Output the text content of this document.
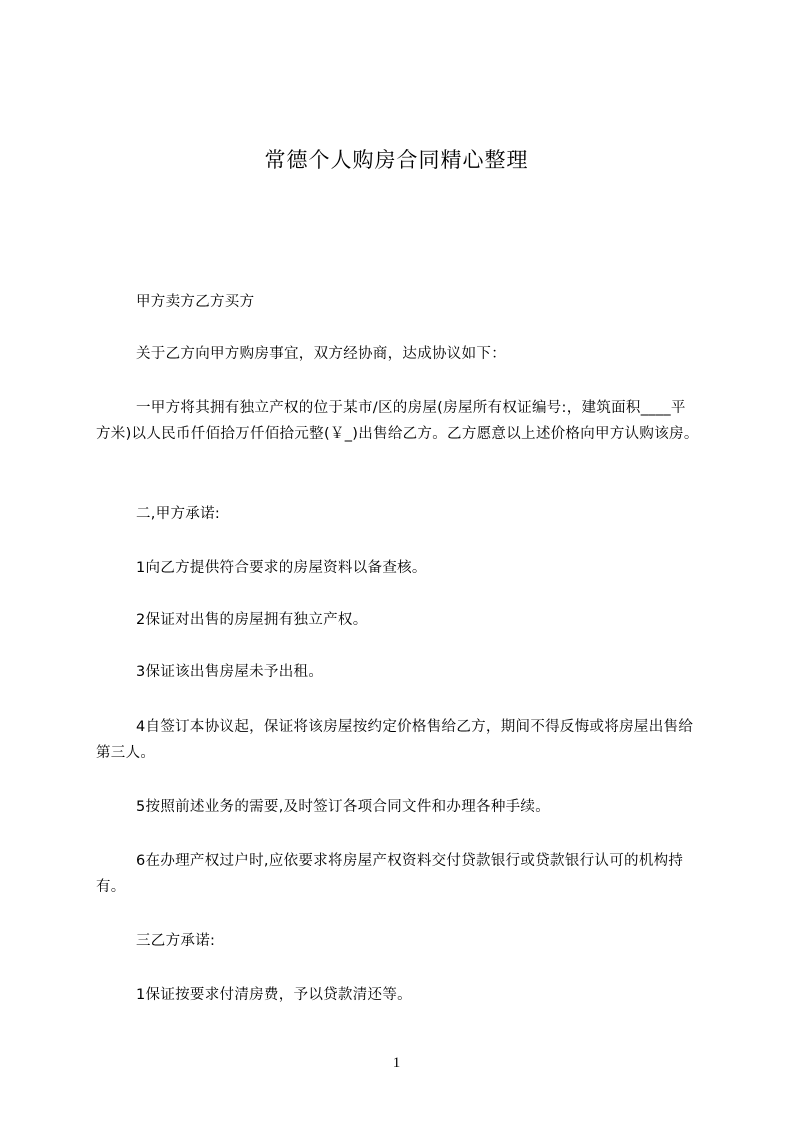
常德个人购房合同精心整理
甲方卖方乙方买方
关于乙方向甲方购房事宜，双方经协商，达成协议如下：
一甲方将其拥有独立产权的位于某市/区的房屋(房屋所有权证编号:，建筑面积____平方米)以人民币仟佰拾万仟佰拾元整(￥_)出售给乙方。乙方愿意以上述价格向甲方认购该房。
二,甲方承诺:
1向乙方提供符合要求的房屋资料以备查核。
2保证对出售的房屋拥有独立产权。
3保证该出售房屋未予出租。
4自签订本协议起，保证将该房屋按约定价格售给乙方，期间不得反悔或将房屋出售给第三人。
5按照前述业务的需要,及时签订各项合同文件和办理各种手续。
6在办理产权过户时,应依要求将房屋产权资料交付贷款银行或贷款银行认可的机构持有。
三乙方承诺:
1保证按要求付清房费，予以贷款清还等。
1
